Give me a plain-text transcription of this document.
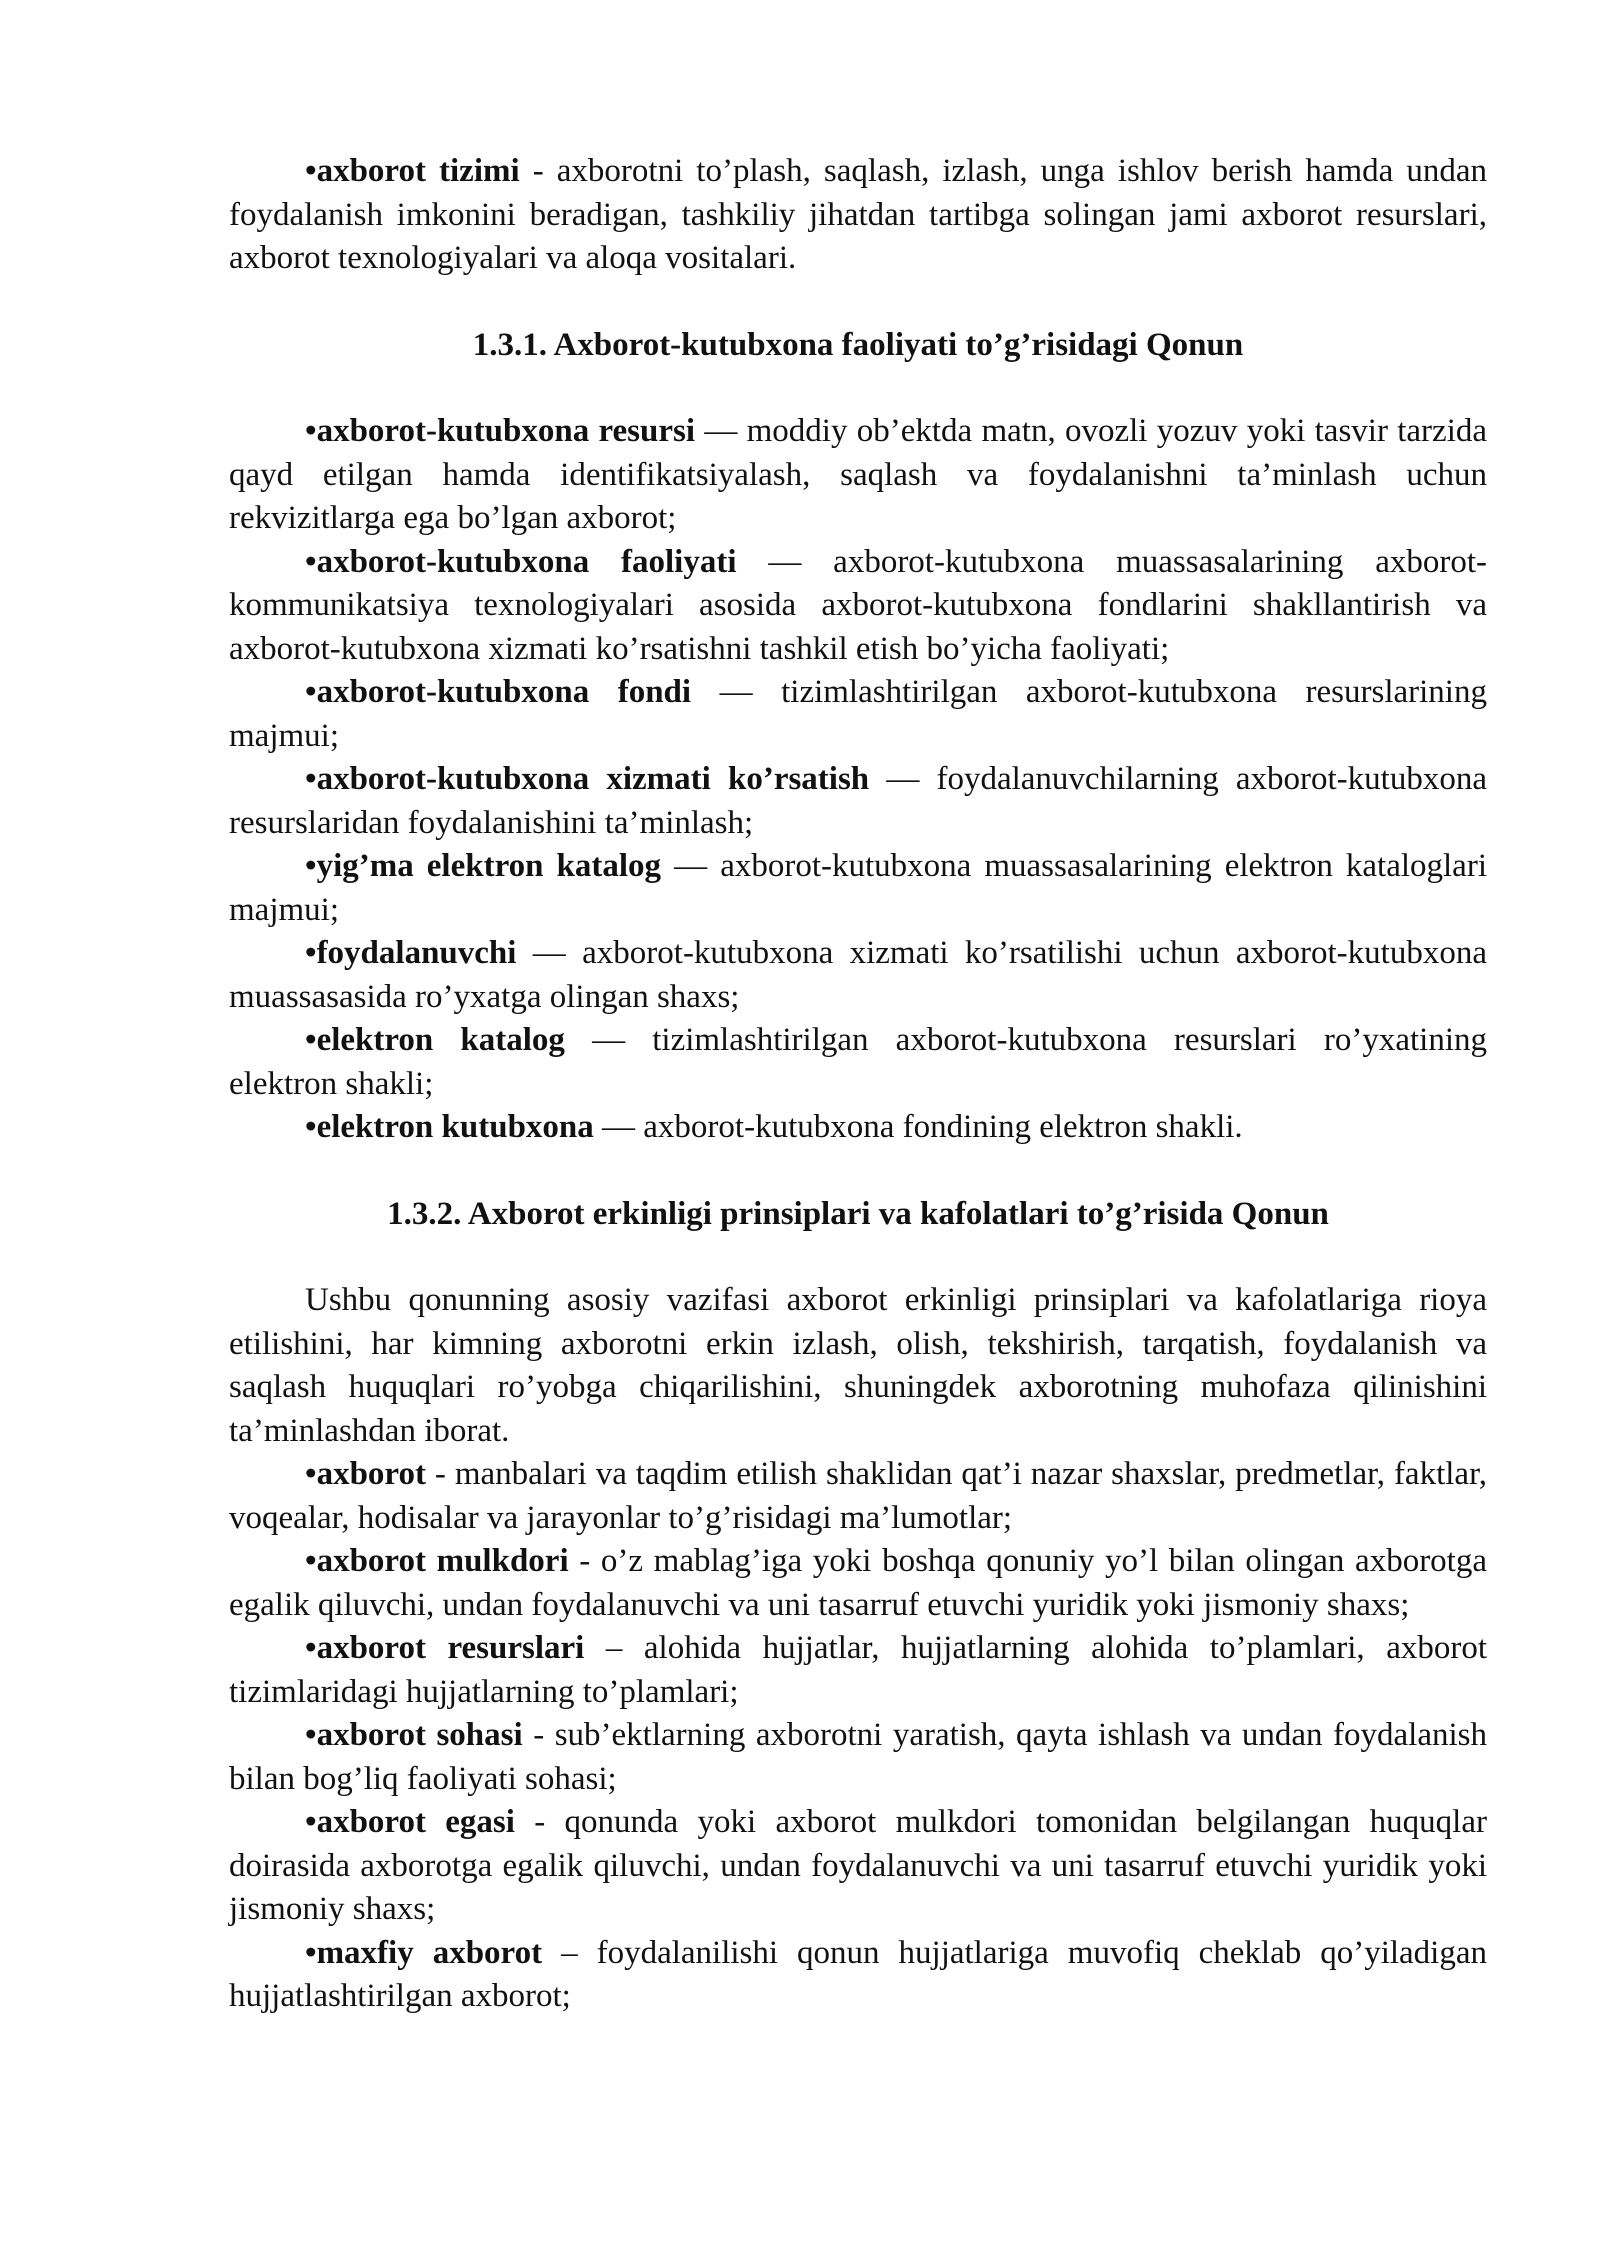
•axborot tizimi - axborotni to’plash, saqlash, izlash, unga ishlov berish hamda undan foydalanish imkonini beradigan, tashkiliy jihatdan tartibga solingan jami axborot resurslari, axborot texnologiyalari va aloqa vositalari.

1.3.1. Axborot-kutubxona faoliyati to’g’risidagi Qonun

•axborot-kutubxona resursi — moddiy ob’ektda matn, ovozli yozuv yoki tasvir tarzida qayd etilgan hamda identifikatsiyalash, saqlash va foydalanishni ta’minlash uchun rekvizitlarga ega bo’lgan axborot;

•axborot-kutubxona faoliyati — axborot-kutubxona muassasalarining axborot-kommunikatsiya texnologiyalari asosida axborot-kutubxona fondlarini shakllantirish va axborot-kutubxona xizmati ko’rsatishni tashkil etish bo’yicha faoliyati;

•axborot-kutubxona fondi — tizimlashtirilgan axborot-kutubxona resurslarining majmui;

•axborot-kutubxona xizmati ko’rsatish — foydalanuvchilarning axborot-kutubxona resurslaridan foydalanishini ta’minlash;

•yig’ma elektron katalog — axborot-kutubxona muassasalarining elektron kataloglari majmui;

•foydalanuvchi — axborot-kutubxona xizmati ko’rsatilishi uchun axborot-kutubxona muassasasida ro’yxatga olingan shaxs;

•elektron katalog — tizimlashtirilgan axborot-kutubxona resurslari ro’yxatining elektron shakli;

•elektron kutubxona — axborot-kutubxona fondining elektron shakli.

1.3.2. Axborot erkinligi prinsiplari va kafolatlari to’g’risida Qonun

Ushbu qonunning asosiy vazifasi axborot erkinligi prinsiplari va kafolatlariga rioya etilishini, har kimning axborotni erkin izlash, olish, tekshirish, tarqatish, foydalanish va saqlash huquqlari ro’yobga chiqarilishini, shuningdek axborotning muhofaza qilinishini ta’minlashdan iborat.

•axborot - manbalari va taqdim etilish shaklidan qat’i nazar shaxslar, predmetlar, faktlar, voqealar, hodisalar va jarayonlar to’g’risidagi ma’lumotlar;

•axborot mulkdori - o’z mablag’iga yoki boshqa qonuniy yo’l bilan olingan axborotga egalik qiluvchi, undan foydalanuvchi va uni tasarruf etuvchi yuridik yoki jismoniy shaxs;

•axborot resurslari – alohida hujjatlar, hujjatlarning alohida to’plamlari, axborot tizimlaridagi hujjatlarning to’plamlari;

•axborot sohasi - sub’ektlarning axborotni yaratish, qayta ishlash va undan foydalanish bilan bog’liq faoliyati sohasi;

•axborot egasi - qonunda yoki axborot mulkdori tomonidan belgilangan huquqlar doirasida axborotga egalik qiluvchi, undan foydalanuvchi va uni tasarruf etuvchi yuridik yoki jismoniy shaxs;

•maxfiy axborot – foydalanilishi qonun hujjatlariga muvofiq cheklab qo’yiladigan hujjatlashtirilgan axborot;
